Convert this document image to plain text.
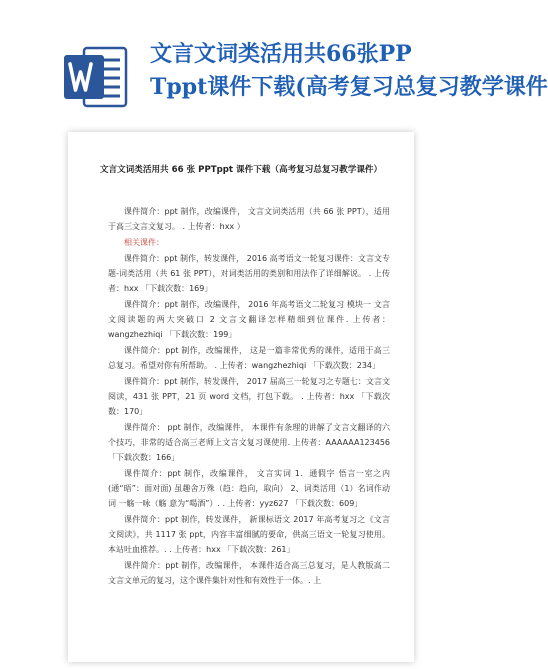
文言文词类活用共66张PP
Tppt课件下载(高考复习总复习教学课件
文言文词类活用共 66 张 PPTppt 课件下载（高考复习总复习教学课件）
课件简介：ppt 制作，改编课件， 文言文词类活用（共 66 张 PPT），适用于高三文言文复习。 . 上传者：hxx ）
相关课件：
课件简介：ppt 制作，转发课件， 2016 高考语文一轮复习课件：文言文专题-词类活用（共 61 张 PPT），对词类活用的类别和用法作了详细解说。 . 上传者：hxx 「下载次数：169」
课件简介：ppt 制作，改编课件， 2016 年高考语文二轮复习 模块一 文言文阅读题的两大突破口 2 文言文翻译怎样精细到位课件. 上传者：wangzhezhiqi 「下载次数：199」
课件简介：ppt 制作，改编课件， 这是一篇非常优秀的课件，适用于高三总复习。希望对你有所帮助。 . 上传者：wangzhezhiqi 「下载次数：234」
课件简介：ppt 制作，转发课件， 2017 届高三一轮复习之专题七：文言文阅读，431 张 PPT，21 页 word 文档，打包下载。 . 上传者：hxx 「下载次数：170」
课件简介： ppt 制作，改编课件， 本课件有条理的讲解了文言文翻译的六个技巧，非常的适合高三老师上文言文复习课使用. 上传者：AAAAAA123456 「下载次数：166」
课件简介：ppt 制作，改编课件， 文言实词 1．通假字 悟言一室之内(通“晤”：面对面) 虽趣舍万殊（趋：趋向，取向） 2、词类活用（1）名词作动词 一觞一咏（觞 意为“喝酒”）. . 上传者：yyz627 「下载次数：609」
课件简介：ppt 制作，转发课件， 新课标语文 2017 年高考复习之《文言文阅读》，共 1117 张 ppt，内容丰富细腻的要命，供高三语文一轮复习使用。本站吐血推荐。. . 上传者：hxx 「下载次数：261」
课件简介：ppt 制作，改编课件， 本课件适合高三总复习，是人教版高二文言文单元的复习，这个课件集针对性和有效性于一体。. 上
